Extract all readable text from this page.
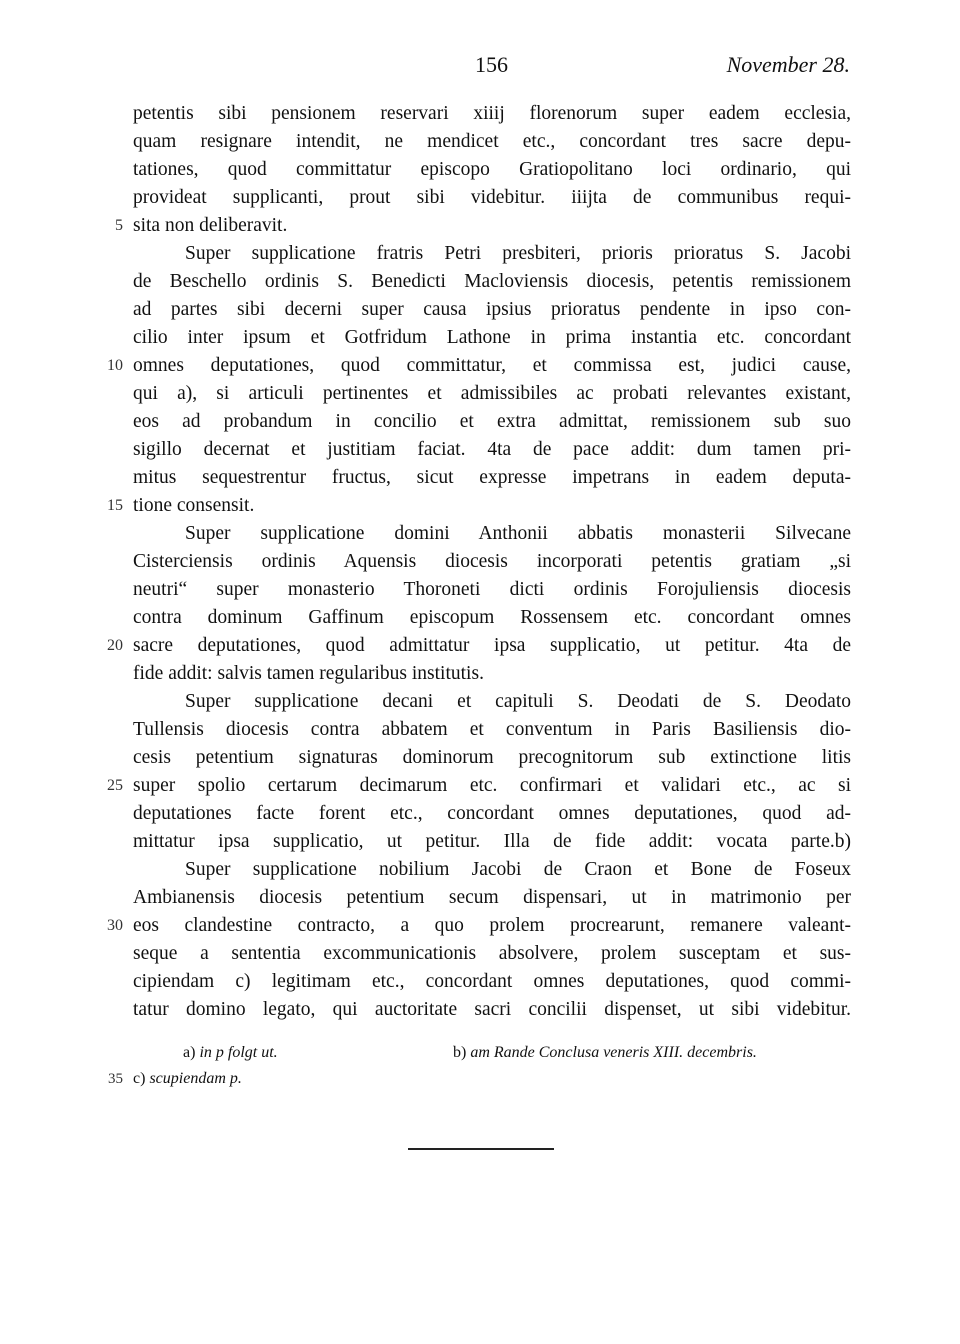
156	November 28.
petentis sibi pensionem reservari xiiij florenorum super eadem ecclesia,
quam resignare intendit, ne mendicet etc., concordant tres sacre depu-
tationes, quod committatur episcopo Gratiopolitano loci ordinario, qui
provideat supplicanti, prout sibi videbitur. iiijta de communibus requi-
5 sita non deliberavit.
Super supplicatione fratris Petri presbiteri, prioris prioratus S. Jacobi
de Beschello ordinis S. Benedicti Macloviensis diocesis, petentis remissionem
ad partes sibi decerni super causa ipsius prioratus pendente in ipso con-
cilio inter ipsum et Gotfridum Lathone in prima instantia etc. concordant
10 omnes deputationes, quod committatur, et commissa est, judici cause,
qui a), si articuli pertinentes et admissibiles ac probati relevantes existant,
eos ad probandum in concilio et extra admittat, remissionem sub suo
sigillo decernat et justitiam faciat. 4ta de pace addit: dum tamen pri-
mitus sequestrentur fructus, sicut expresse impetrans in eadem deputa-
15 tione consensit.
Super supplicatione domini Anthonii abbatis monasterii Silvecane
Cisterciensis ordinis Aquensis diocesis incorporati petentis gratiam „si
neutri“ super monasterio Thoroneti dicti ordinis Forojuliensis diocesis
contra dominum Gaffinum episcopum Rossensem etc. concordant omnes
20 sacre deputationes, quod admittatur ipsa supplicatio, ut petitur. 4ta de
fide addit: salvis tamen regularibus institutis.
Super supplicatione decani et capituli S. Deodati de S. Deodato
Tullensis diocesis contra abbatem et conventum in Paris Basiliensis dio-
cesis petentium signaturas dominorum precognitorum sub extinctione litis
25 super spolio certarum decimarum etc. confirmari et validari etc., ac si
deputationes facte forent etc., concordant omnes deputationes, quod ad-
mittatur ipsa supplicatio, ut petitur. Illa de fide addit: vocata parte.b)
Super supplicatione nobilium Jacobi de Craon et Bone de Foseux
Ambianensis diocesis petentium secum dispensari, ut in matrimonio per
30 eos clandestine contracto, a quo prolem procrearunt, remanere valeant-
seque a sententia excommunicationis absolvere, prolem susceptam et sus-
cipiendam c) legitimam etc., concordant omnes deputationes, quod commi-
tatur domino legato, qui auctoritate sacri concilii dispenset, ut sibi videbitur.
a) in p folgt ut.	b) am Rande Conclusa veneris XIII. decembris.
35 c) scupiendam p.
